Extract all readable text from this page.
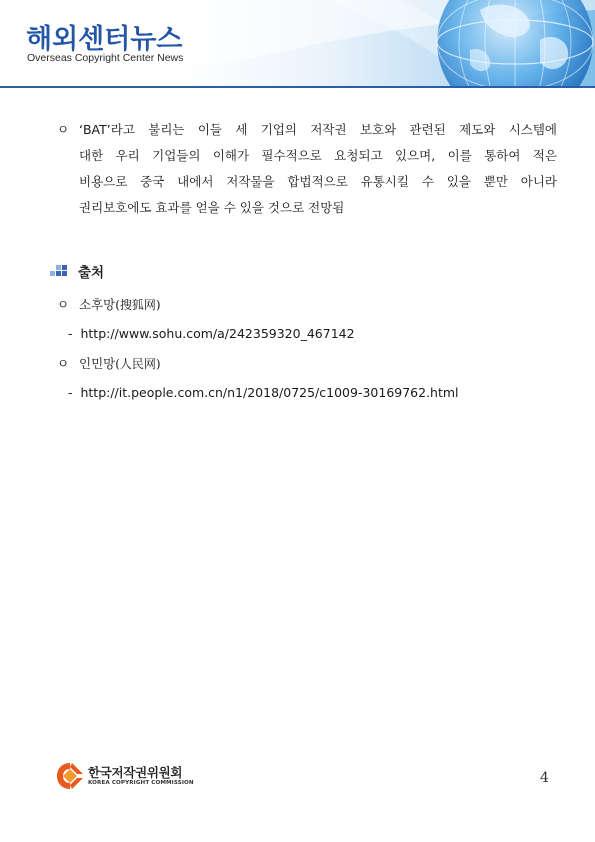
해외센터뉴스
Overseas Copyright Center News
ㅇ ‘BAT’라고 불리는 이들 세 기업의 저작권 보호와 관련된 제도와 시스템에
대한 우리 기업들의 이해가 필수적으로 요청되고 있으며, 이를 통하여 적은
비용으로 중국 내에서 저작물을 합법적으로 유통시킬 수 있을 뿐만 아니라
권리보호에도 효과를 얻을 수 있을 것으로 전망됨
출처
ㅇ 소후망(搜狐网)
- http://www.sohu.com/a/242359320_467142
ㅇ 인민망(人民网)
- http://it.people.com.cn/n1/2018/0725/c1009-30169762.html
한국저작권위원회
KOREA COPYRIGHT COMMISSION	4
